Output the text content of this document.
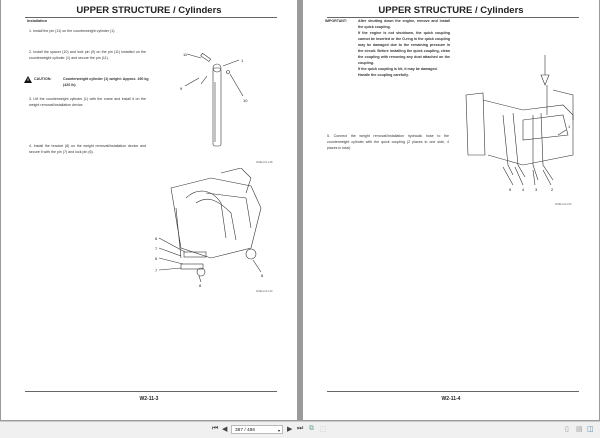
UPPER STRUCTURE / Cylinders
Installation
1. Install the pin (11) on the counterweight cylinder (1).
2. Install the spacer (10) and lock pin (9) on the pin (11) installed on the counterweight cylinder (1) and secure the pin (11).
CAUTION:	Counterweight cylinder (1) weight: Approx. 190 kg (420 lb)
3. Lift the counterweight cylinder (1) with the crane and install it on the weight removal/installation device.
4. Install the bracket (8) on the weight removal/installation device and secure it with the pin (7) and lock pin (6).
11
1
9
10
W2EH-01-148
6
7
6
7
8
8
W2EH-01-149
W2-11-3
UPPER STRUCTURE / Cylinders
IMPORTANT:	After shutting down the engine, remove and install the quick coupling.
If the engine is not shutdown, the quick coupling cannot be inserted or the O-ring in the quick coupling may be damaged due to the remaining pressure in the circuit. Before installing the quick coupling, clean the coupling with removing any dust attached on the coupling.
If the quick coupling is hit, it may be damaged.
Handle the coupling carefully.
5. Connect the weight removal/installation hydraulic hose to the counterweight cylinder with the quick coupling (2 places in one side, 4 places in total).
1
5	4	3	2
W2EH-01-150
W2-11-4
⏮ ◀	387 / 486	▾ ▶ ⏭ ⧉ ⬚	▯ ▤ ◫
